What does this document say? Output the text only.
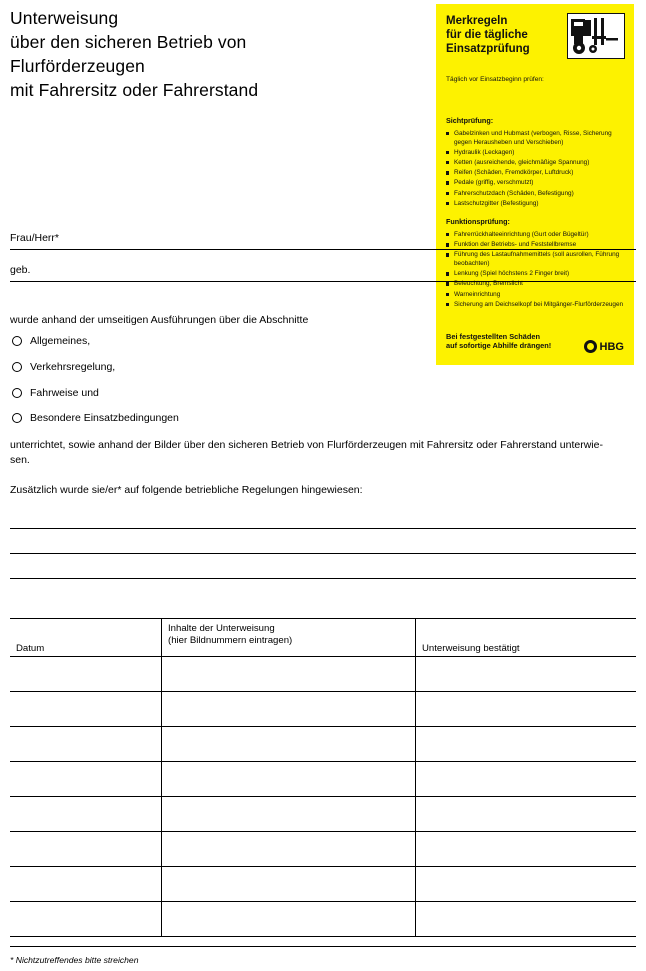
Unterweisung
über den sicheren Betrieb von
Flurförderzeugen
mit Fahrersitz oder Fahrerstand
Merkregeln
für die tägliche
Einsatzprüfung
Täglich vor Einsatzbeginn prüfen:
Sichtprüfung:
Gabelzinken und Hubmast (verbogen, Risse, Sicherung gegen Herausheben und Verschieben)
Hydraulik (Leckagen)
Ketten (ausreichende, gleichmäßige Spannung)
Reifen (Schäden, Fremdkörper, Luftdruck)
Pedale (griffig, verschmutzt)
Fahrerschutzdach (Schäden, Befestigung)
Lastschutzgitter (Befestigung)
Funktionsprüfung:
Fahrerrückhalteeinrichtung (Gurt oder Bügeltür)
Funktion der Betriebs- und Feststellbremse
Führung des Lastaufnahmemittels (soll ausrollen, Führung beobachten)
Lenkung (Spiel höchstens 2 Finger breit)
Beleuchtung, Bremslicht
Warneinrichtung
Sicherung am Deichselkopf bei Mitgänger-Flurförderzeugen
Bei festgestellten Schäden
auf sofortige Abhilfe drängen!	HBG
Frau/Herr*
geb.
wurde anhand der umseitigen Ausführungen über die Abschnitte
Allgemeines,
Verkehrsregelung,
Fahrweise und
Besondere Einsatzbedingungen
unterrichtet, sowie anhand der Bilder über den sicheren Betrieb von Flurförderzeugen mit Fahrersitz oder Fahrerstand unterwie-
sen.
Zusätzlich wurde sie/er* auf folgende betriebliche Regelungen hingewiesen:
Datum
Inhalte der Unterweisung
(hier Bildnummern eintragen)
Unterweisung bestätigt
* Nichtzutreffendes bitte streichen
